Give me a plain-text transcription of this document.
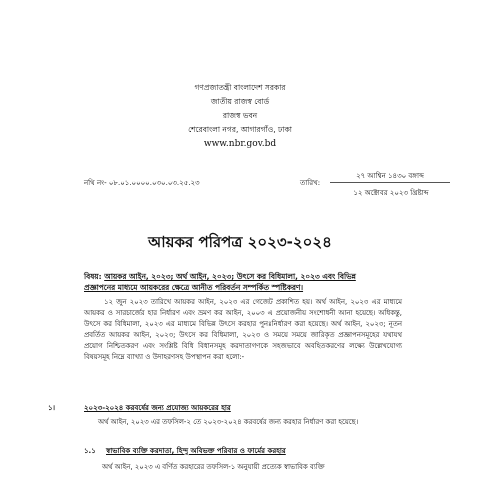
গণপ্রজাতন্ত্রী বাংলাদেশ সরকার
জাতীয় রাজস্ব বোর্ড
রাজস্ব ভবন
শেরেবাংলা নগর, আগারগাঁও, ঢাকা
www.nbr.gov.bd
নথি নং- ০৮.০১.০০০০.০৩০.০৩.২৫.২৩	তারিখ:
২৭ আশ্বিন ১৪৩০ বঙ্গাব্দ
১২ অক্টোবর ২০২৩ খ্রিষ্টাব্দ
আয়কর পরিপত্র ২০২৩-২০২৪
বিষয়: আয়কর আইন, ২০২৩; অর্থ আইন, ২০২৩; উৎসে কর বিধিমালা, ২০২৩ এবং বিভিন্ন
প্রজ্ঞাপনের মাধ্যমে আয়করের ক্ষেত্রে আনীত পরিবর্তন সম্পর্কিত স্পষ্টিকরণ।
১২ জুন ২০২৩ তারিখে আয়কর আইন, ২০২৩ এর গেজেট প্রকাশিত হয়। অর্থ আইন, ২০২৩ এর মাধ্যমে আয়কর ও সারচার্জের হার নির্ধারণ এবং ভ্রমণ কর আইন, ২০০৩ এ প্রয়োজনীয় সংশোধনী আনা হয়েছে। অধিকন্তু, উৎসে কর বিধিমালা, ২০২৩ এর মাধ্যমে বিভিন্ন উৎসে করহার পুনঃনির্ধারণ করা হয়েছে। অর্থ আইন, ২০২৩; নূতন প্রবর্তিত আয়কর আইন, ২০২৩; উৎসে কর বিধিমালা, ২০২৩ ও সময়ে সময়ে জারিকৃত প্রজ্ঞাপনসমূহের যথাযথ প্রয়োগ নিশ্চিতকরণ এবং সংশ্লিষ্ট বিধি বিধানসমূহ করদাতাগণকে সহজভাবে অবহিতকরণের লক্ষ্যে উল্লেখযোগ্য বিষয়সমূহ নিম্নে ব্যাখ্যা ও উদাহরণসহ উপস্থাপন করা হলো:-
১।	২০২৩-২০২৪ করবর্ষের জন্য প্রযোজ্য আয়করের হার
অর্থ আইন, ২০২৩ এর তফসিল-২ তে ২০২৩-২০২৪ করবর্ষের জন্য করহার নির্ধারণ করা হয়েছে।
১.১ স্বাভাবিক ব্যক্তি করদাতা, হিন্দু অবিভক্ত পরিবার ও ফার্মের করহার
অর্থ আইন, ২০২৩ এ বর্ণিত করহারের তফসিল-১ অনুযায়ী প্রত্যেক স্বাভাবিক ব্যক্তি
